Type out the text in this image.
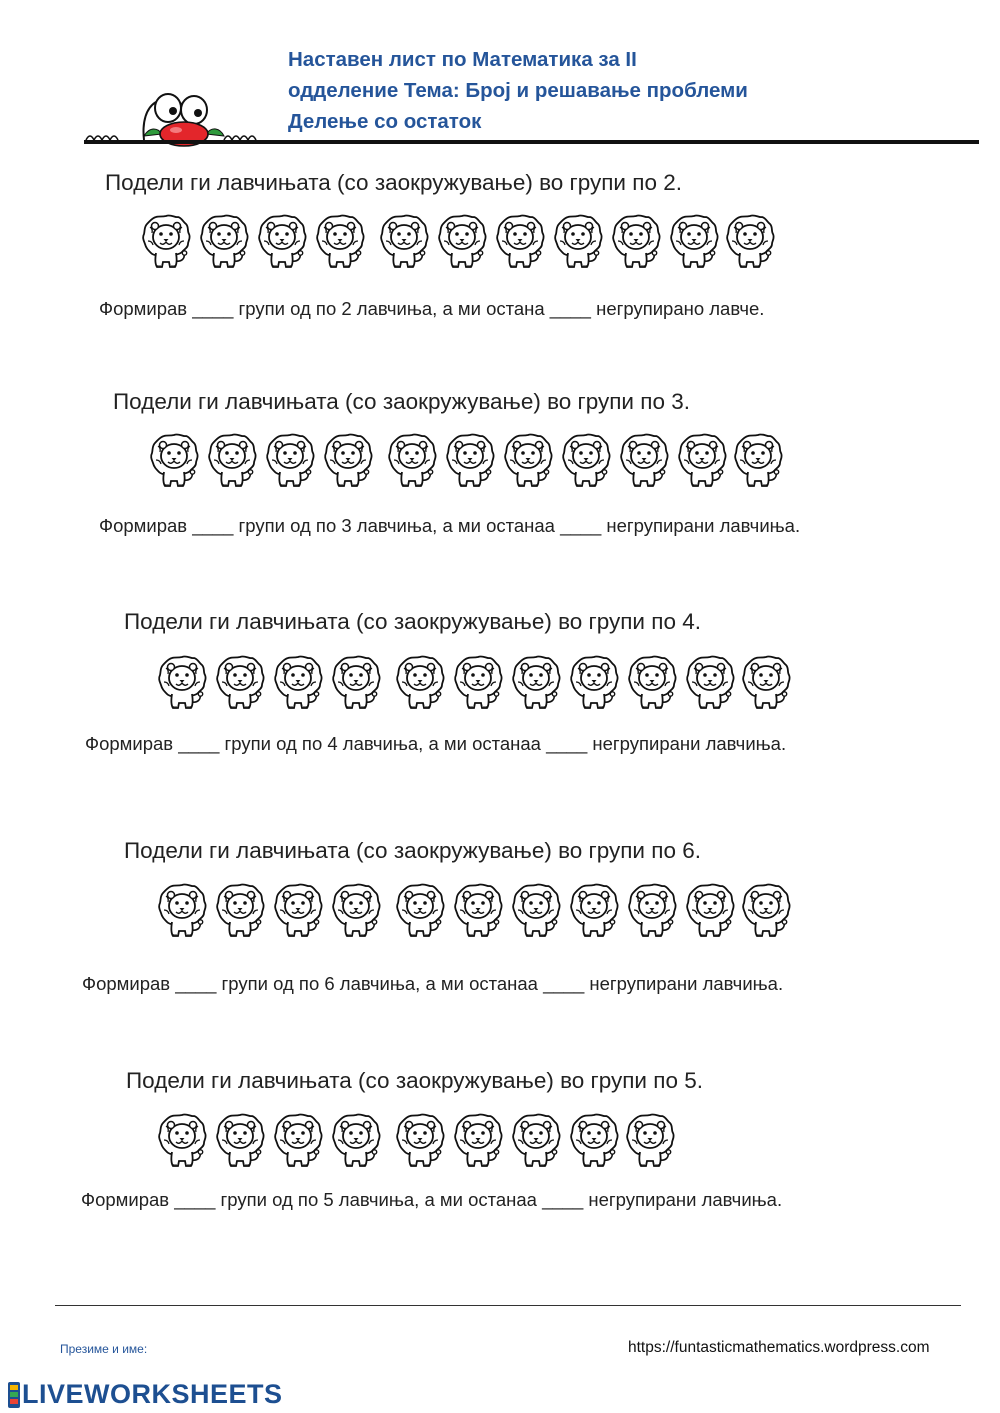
Наставен лист по Математика за II
одделение Тема: Број и решавање проблеми
Делење со остаток
Подели ги лавчињата (со заокружување) во групи по 2.
Формирав ____ групи од по 2 лавчиња, а ми остана ____ негрупирано лавче.
Подели ги лавчињата (со заокружување) во групи по 3.
Формирав ____ групи од по 3 лавчиња, а ми останаа ____ негрупирани лавчиња.
Подели ги лавчињата (со заокружување) во групи по 4.
Формирав ____ групи од по 4 лавчиња, а ми останаа ____ негрупирани лавчиња.
Подели ги лавчињата (со заокружување) во групи по 6.
Формирав ____ групи од по 6 лавчиња, а ми останаа ____ негрупирани лавчиња.
Подели ги лавчињата (со заокружување) во групи по 5.
Формирав ____ групи од по 5 лавчиња, а ми останаа ____ негрупирани лавчиња.
Презиме и име:	https://funtasticmathematics.wordpress.com
LIVEWORKSHEETS
